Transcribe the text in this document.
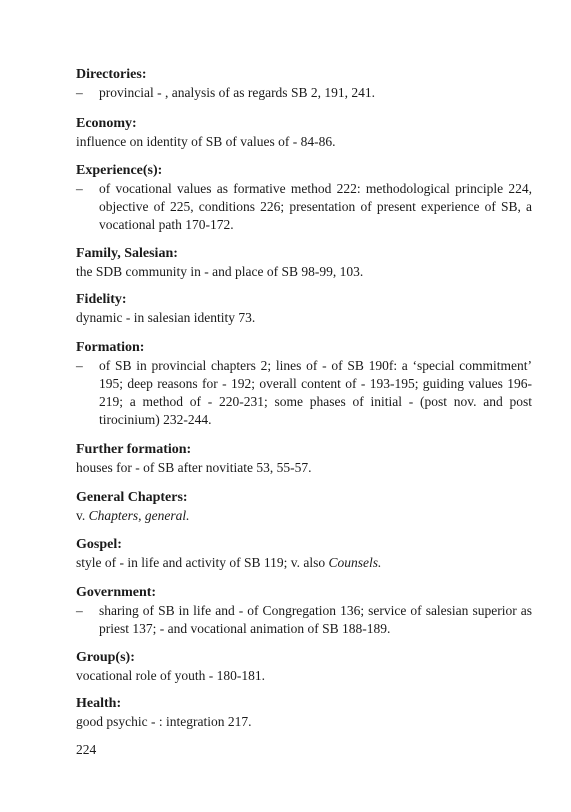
Directories:

– provincial - , analysis of as regards SB 2, 191, 241.

Economy:

influence on identity of SB of values of - 84-86.

Experience(s):

– of vocational values as formative method 222: methodological principle 224, objective of 225, conditions 226; presentation of present experience of SB, a vocational path 170-172.

Family, Salesian:

the SDB community in - and place of SB 98-99, 103.

Fidelity:

dynamic - in salesian identity 73.

Formation:

– of SB in provincial chapters 2; lines of - of SB 190f: a ‘special commitment’ 195; deep reasons for - 192; overall content of - 193-195; guiding values 196-219; a method of - 220-231; some phases of initial - (post nov. and post tirocinium) 232-244.

Further formation:

houses for - of SB after novitiate 53, 55-57.

General Chapters:

v. Chapters, general.

Gospel:

style of - in life and activity of SB 119; v. also Counsels.

Government:

– sharing of SB in life and - of Congregation 136; service of salesian superior as priest 137; - and vocational animation of SB 188-189.

Group(s):

vocational role of youth - 180-181.

Health:

good psychic - : integration 217.

224
